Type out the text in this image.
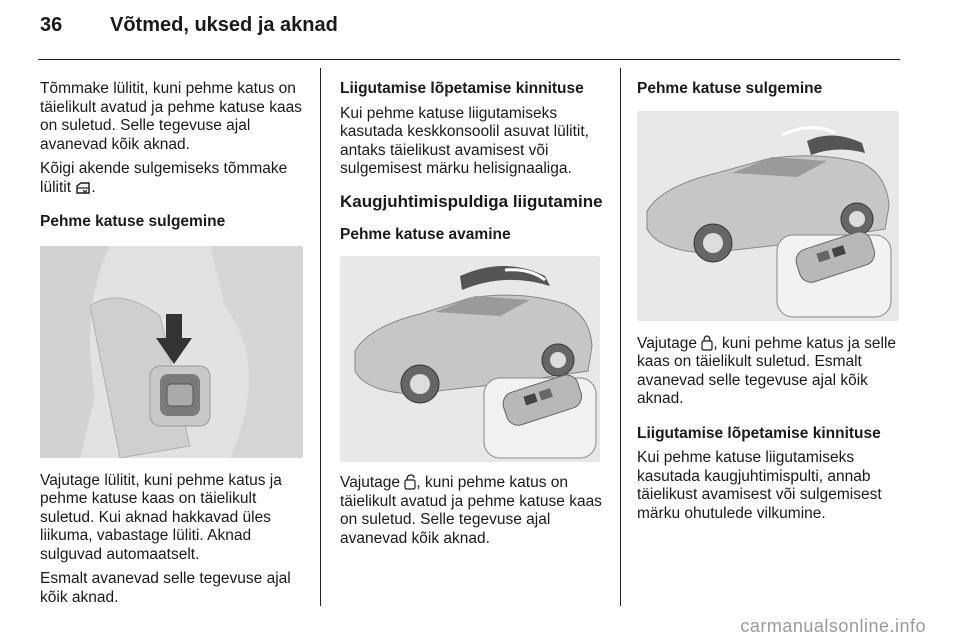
36 Võtmed, uksed ja aknad

Tõmmake lülitit, kuni pehme katus on täielikult avatud ja pehme katuse kaas on suletud. Selle tegevuse ajal avanevad kõik aknad.

Kõigi akende sulgemiseks tõmmake lülitit .

Pehme katuse sulgemine

Vajutage lülitit, kuni pehme katus ja pehme katuse kaas on täielikult suletud. Kui aknad hakkavad üles liikuma, vabastage lüliti. Aknad sulguvad automaatselt.

Esmalt avanevad selle tegevuse ajal kõik aknad.

Liigutamise lõpetamise kinnituse

Kui pehme katuse liigutamiseks kasutada keskkonsoolil asuvat lülitit, antaks täielikust avamisest või sulgemisest märku helisignaaliga.

Kaugjuhtimispuldiga liigutamine

Pehme katuse avamine

Vajutage , kuni pehme katus on täielikult avatud ja pehme katuse kaas on suletud. Selle tegevuse ajal avanevad kõik aknad.

Pehme katuse sulgemine

Vajutage , kuni pehme katus ja selle kaas on täielikult suletud. Esmalt avanevad selle tegevuse ajal kõik aknad.

Liigutamise lõpetamise kinnituse

Kui pehme katuse liigutamiseks kasutada kaugjuhtimispulti, annab täielikust avamisest või sulgemisest märku ohutulede vilkumine.

carmanualsonline.info
